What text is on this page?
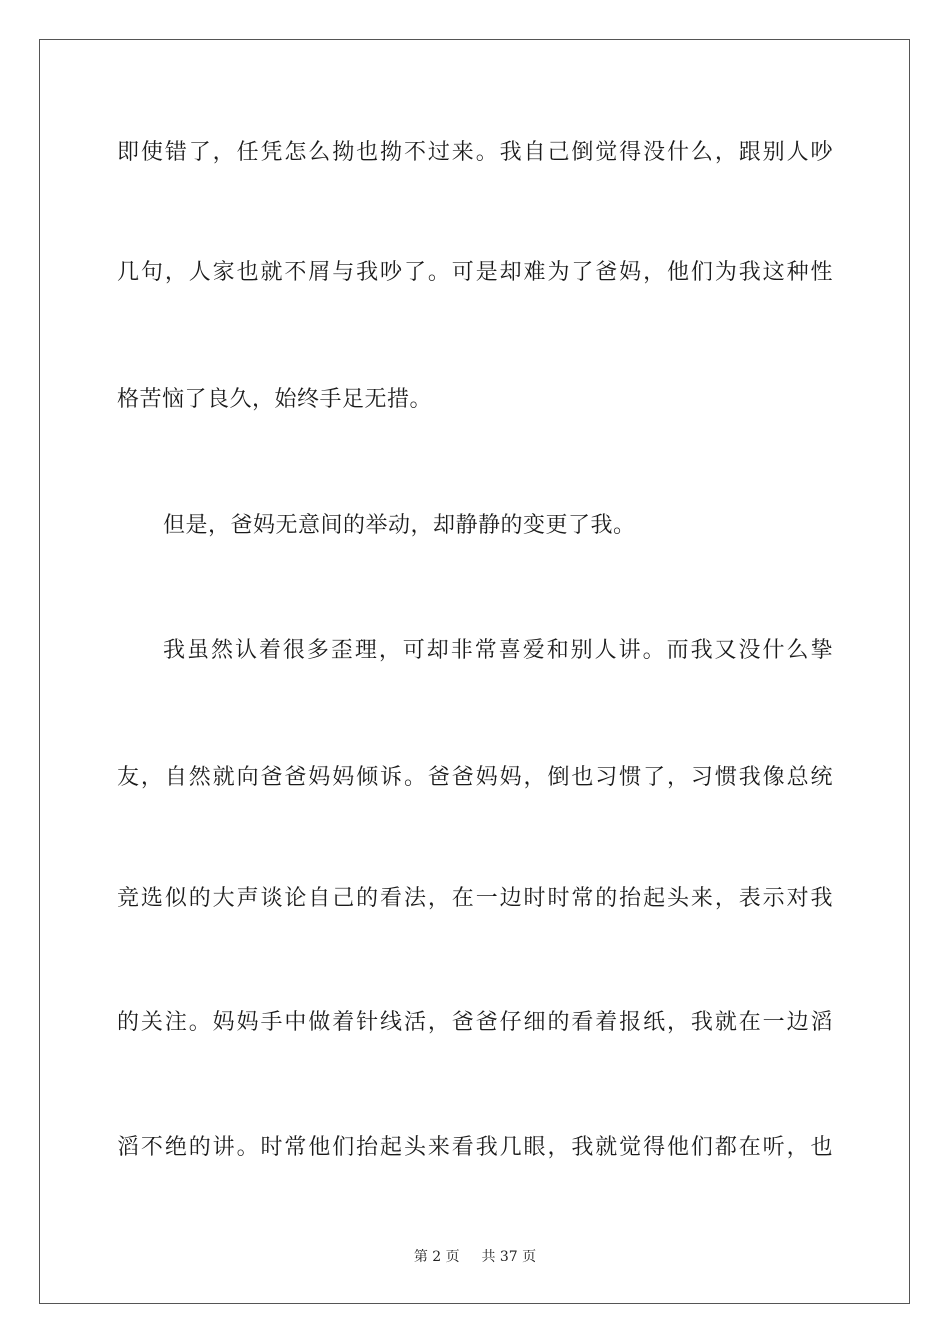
即使错了，任凭怎么拗也拗不过来。我自己倒觉得没什么，跟别人吵
几句，人家也就不屑与我吵了。可是却难为了爸妈，他们为我这种性
格苦恼了良久，始终手足无措。
但是，爸妈无意间的举动，却静静的变更了我。
我虽然认着很多歪理，可却非常喜爱和别人讲。而我又没什么挚
友，自然就向爸爸妈妈倾诉。爸爸妈妈，倒也习惯了，习惯我像总统
竞选似的大声谈论自己的看法，在一边时时常的抬起头来，表示对我
的关注。妈妈手中做着针线活，爸爸仔细的看着报纸，我就在一边滔
滔不绝的讲。时常他们抬起头来看我几眼，我就觉得他们都在听，也
第 2 页 共 37 页
